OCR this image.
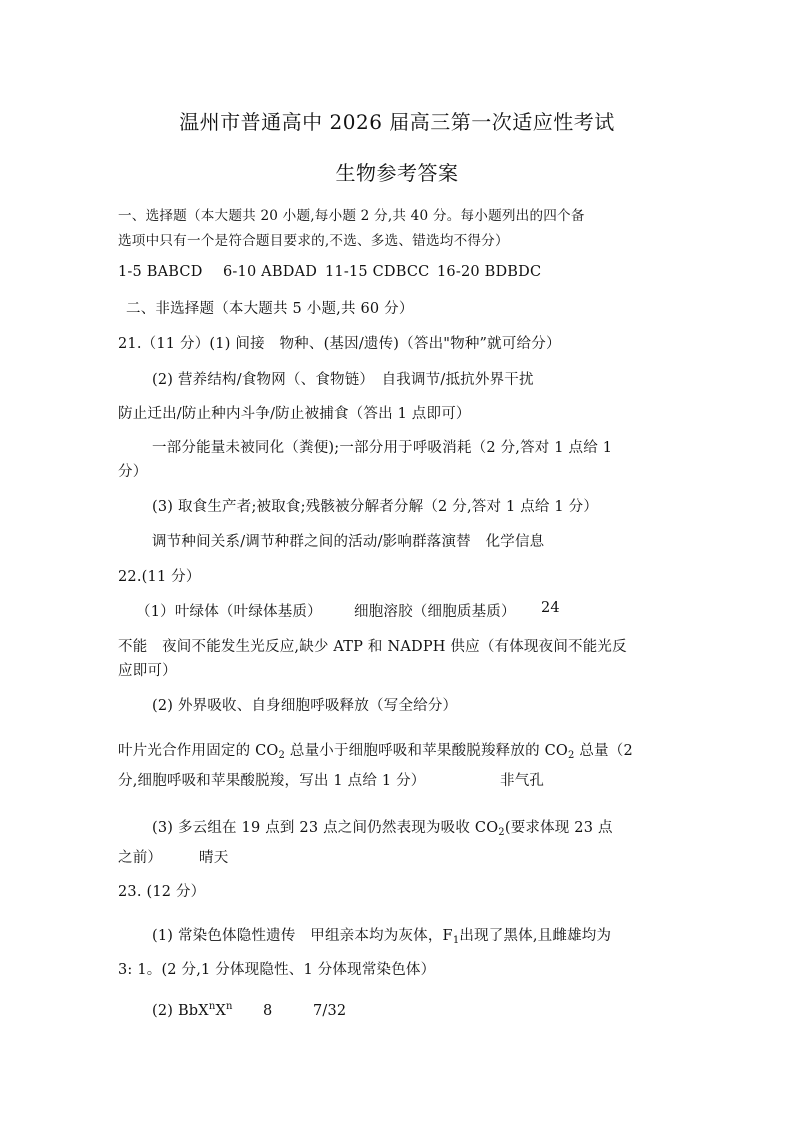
温州市普通高中 2026 届高三第一次适应性考试
生物参考答案
一、选择题（本大题共 20 小题,每小题 2 分,共 40 分。每小题列出的四个备
选项中只有一个是符合题目要求的,不选、多选、错选均不得分）
1-5 BABCD 6-10 ABDAD 11-15 CDBCC 16-20 BDBDC
二、非选择题（本大题共 5 小题,共 60 分）
21.（11 分）(1) 间接　物种、(基因/遗传)（答出"物种”就可给分）
(2) 营养结构/食物网（、食物链）　自我调节/抵抗外界干扰
防止迁出/防止种内斗争/防止被捕食（答出 1 点即可）
一部分能量未被同化（粪便);一部分用于呼吸消耗（2 分,答对 1 点给 1
分）
(3) 取食生产者;被取食;残骸被分解者分解（2 分,答对 1 点给 1 分）
调节种间关系/调节种群之间的活动/影响群落演替　化学信息
22.(11 分）
（1）叶绿体（叶绿体基质） 细胞溶胶（细胞质基质） 24
不能　夜间不能发生光反应,缺少 ATP 和 NADPH 供应（有体现夜间不能光反
应即可）
(2) 外界吸收、自身细胞呼吸释放（写全给分）
叶片光合作用固定的 $CO_2$ 总量小于细胞呼吸和苹果酸脱羧释放的 $CO_2$ 总量（2
分,细胞呼吸和苹果酸脱羧，写出 1 点给 1 分）	非气孔
(3) 多云组在 19 点到 23 点之间仍然表现为吸收 $CO_2$(要求体现 23 点
之前）	晴天
23. (12 分）
(1) 常染色体隐性遗传　甲组亲本均为灰体，$F_1$出现了黑体,且雌雄均为
3: 1。(2 分,1 分体现隐性、1 分体现常染色体）
(2) $BbX^nX^n$ 8	7/32
